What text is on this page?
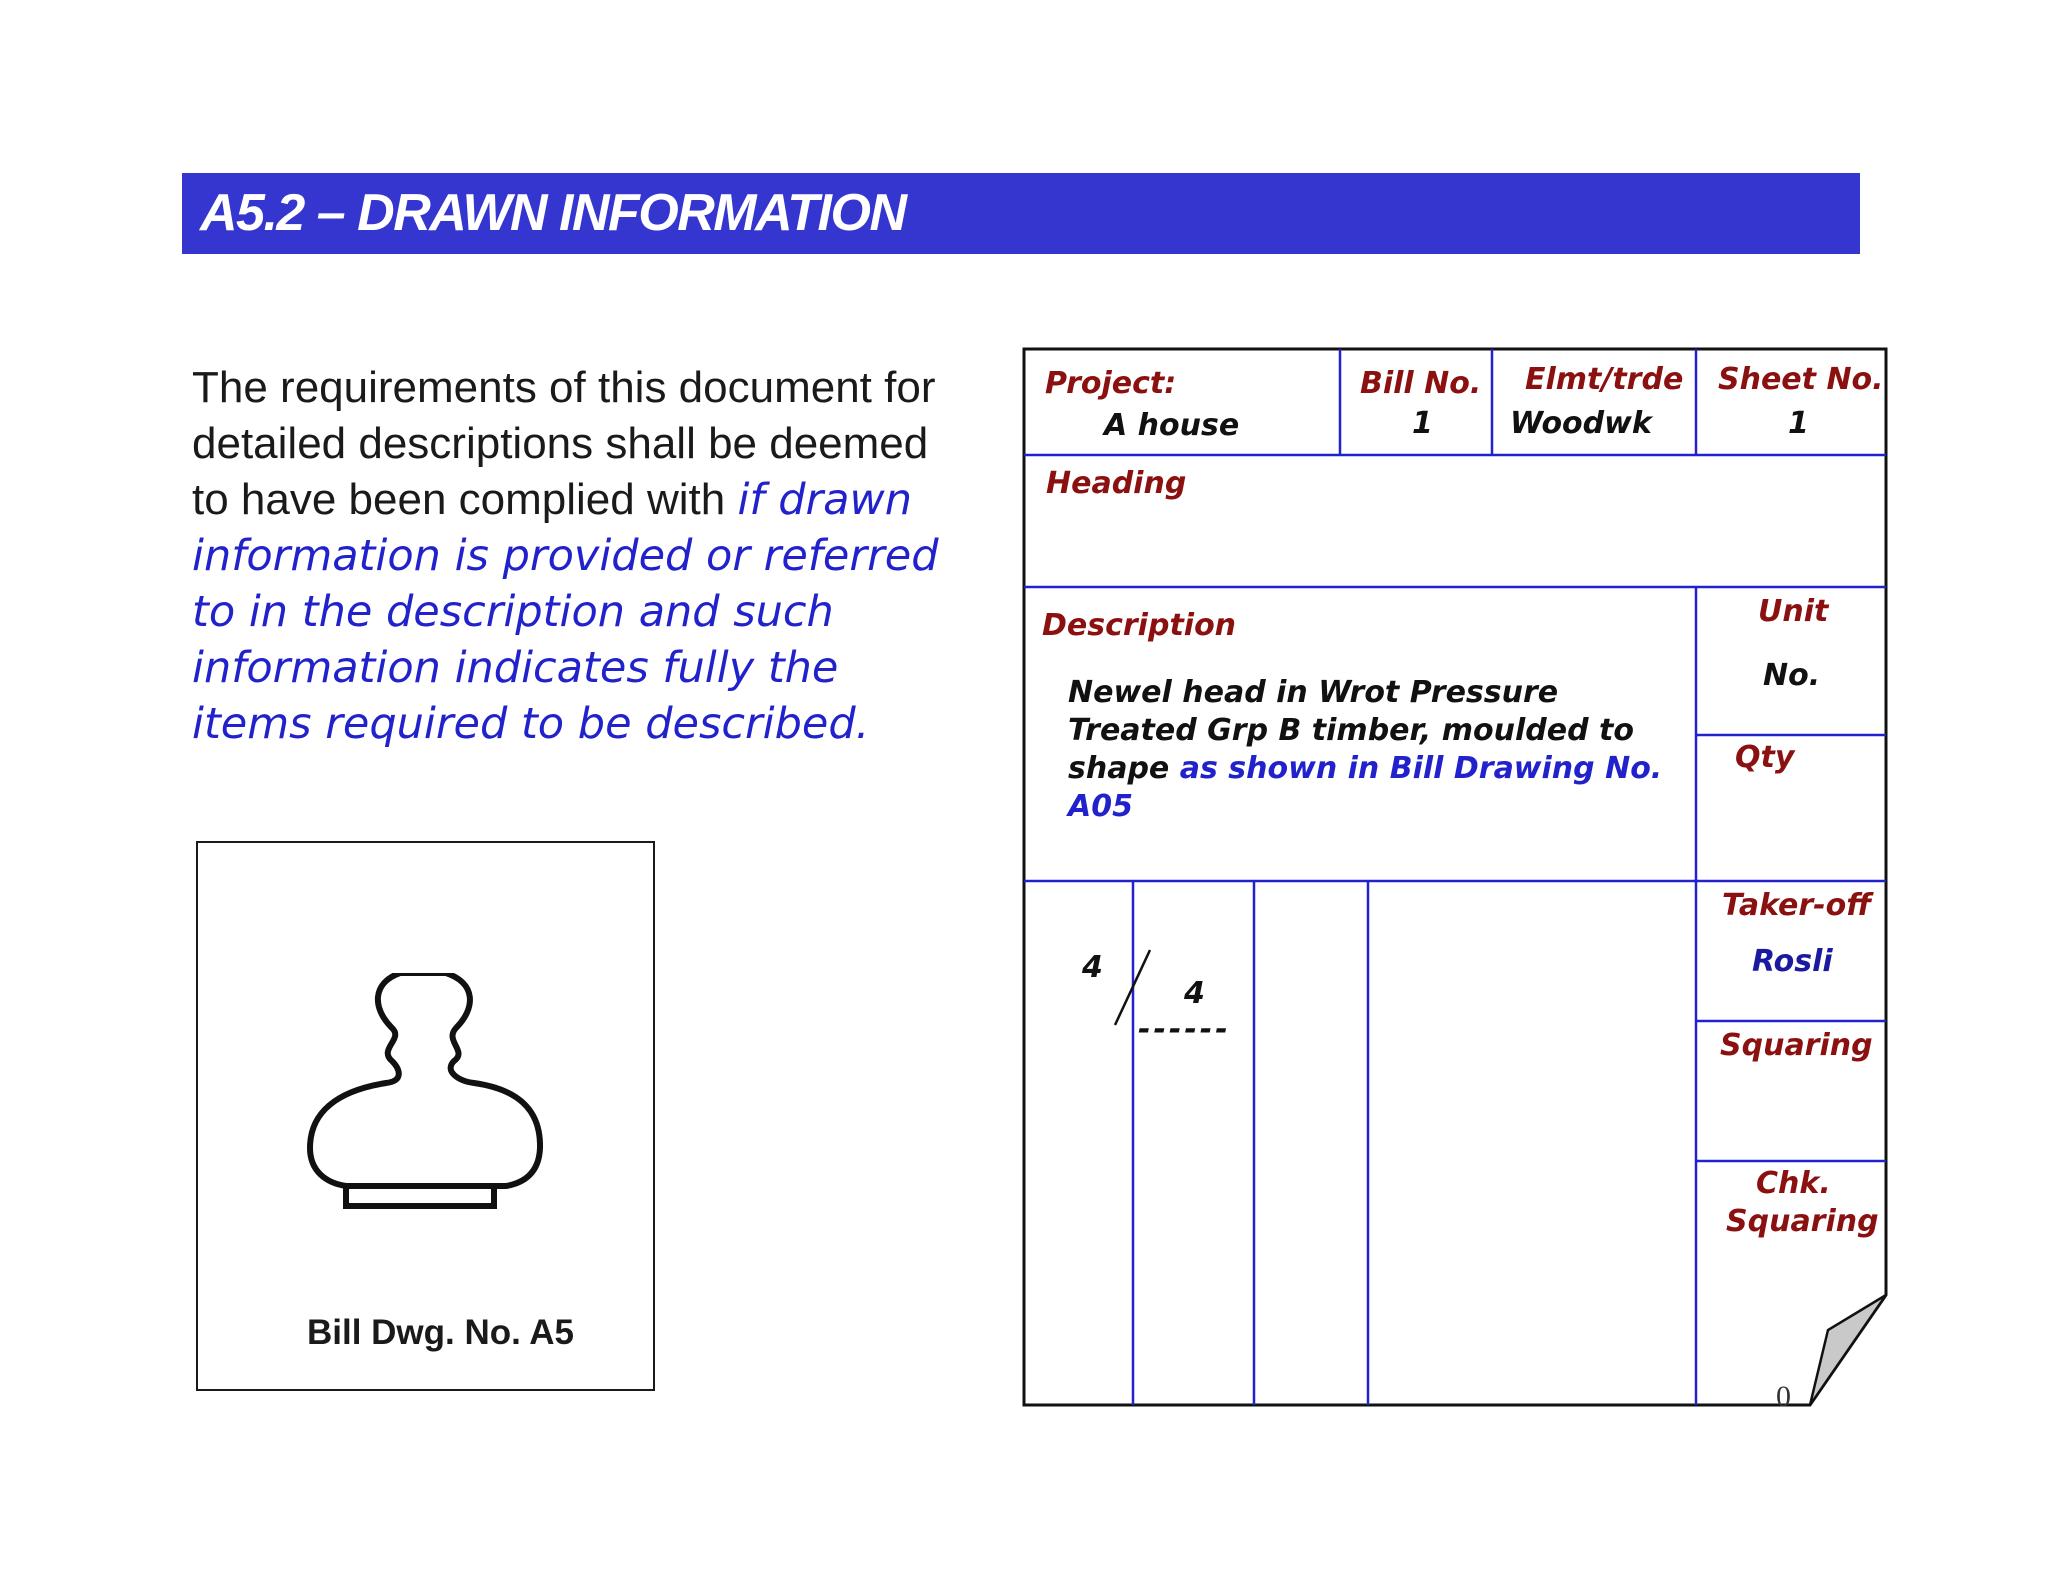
A5.2 – DRAWN INFORMATION
The requirements of this document for detailed descriptions shall be deemed to have been complied with if drawn information is provided or referred to in the description and such information indicates fully the items required to be described.
Bill Dwg. No. A5
Project:
A house
Bill No.
1
Elmt/trde
Woodwk
Sheet No.
1
Heading
Description
Newel head in Wrot Pressure Treated Grp B timber, moulded to shape as shown in Bill Drawing No. A05
Unit
No.
Qty
4
4
------
Taker-off
Rosli
Squaring
Chk.
Squaring
0
